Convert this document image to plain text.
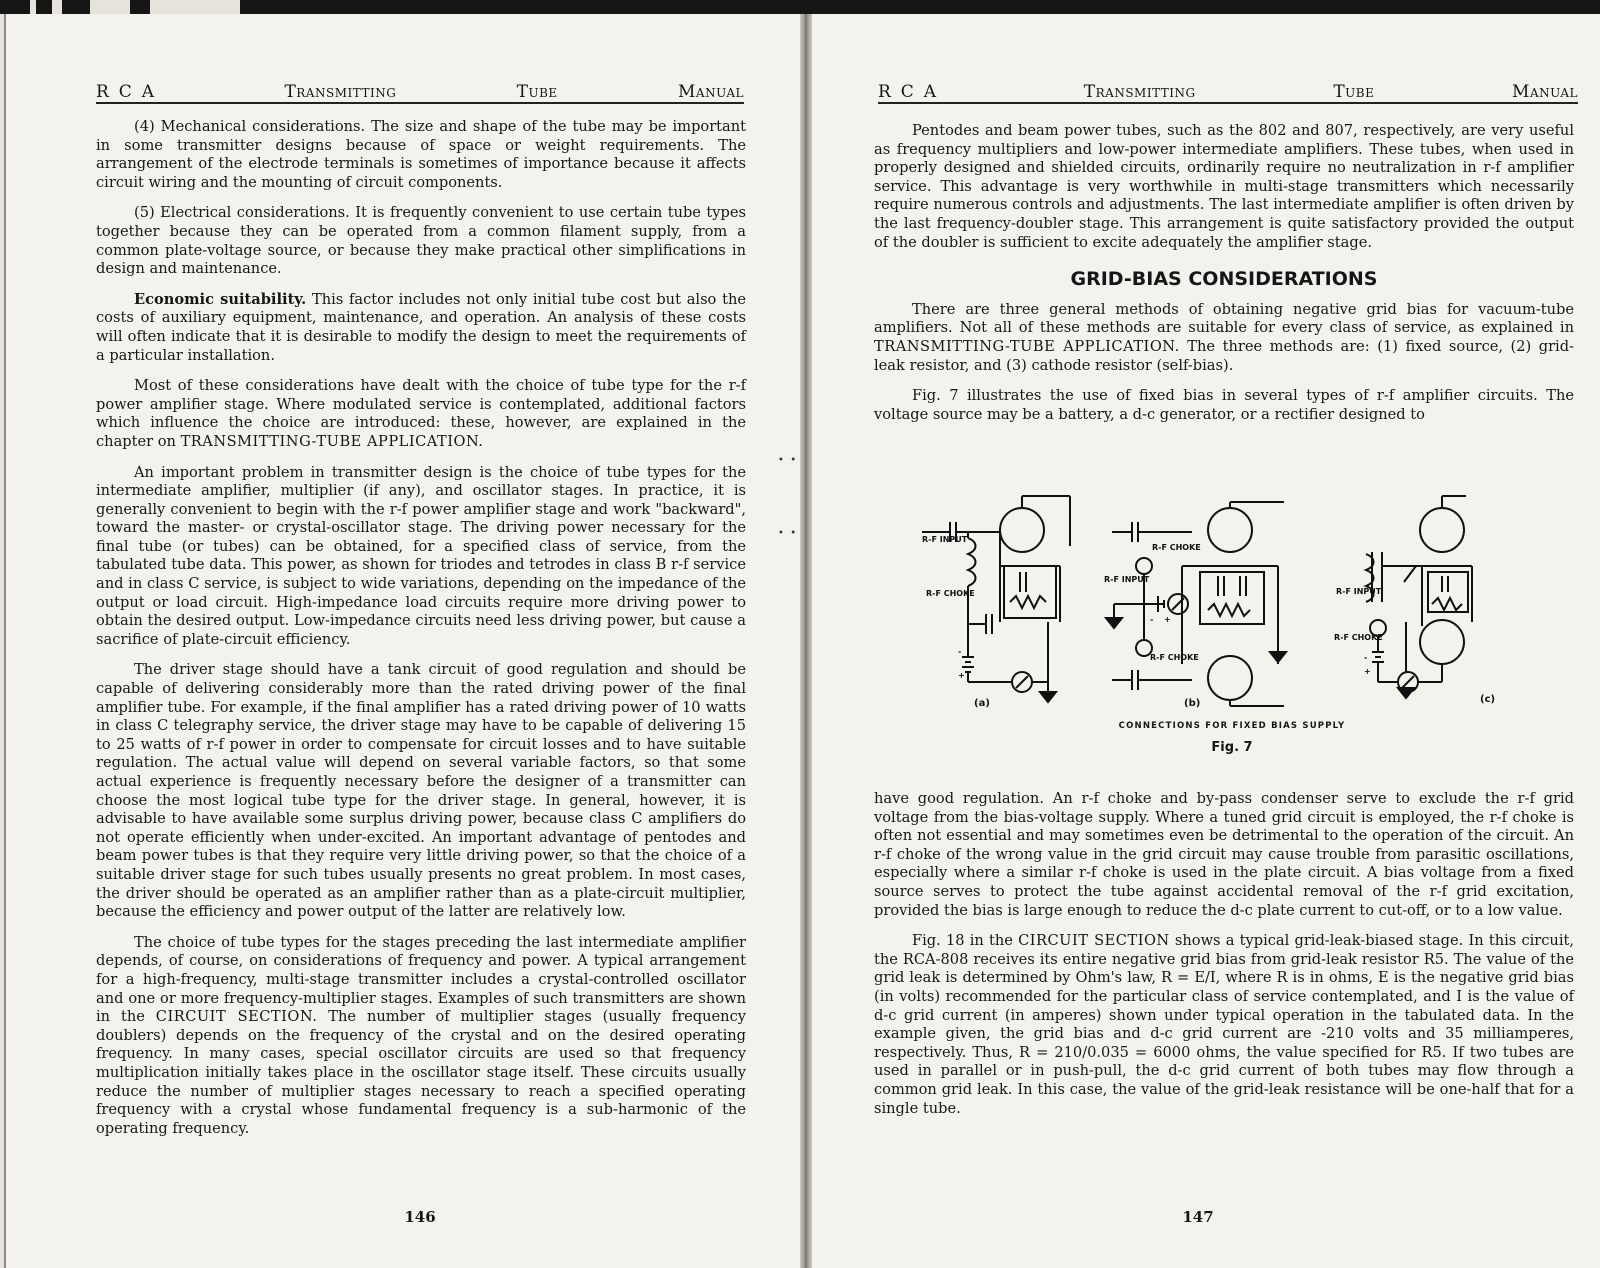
RCA	Transmitting	Tube	Manual

(4) Mechanical considerations. The size and shape of the tube may be important in some transmitter designs because of space or weight requirements. The arrangement of the electrode terminals is sometimes of importance because it affects circuit wiring and the mounting of circuit components.

(5) Electrical considerations. It is frequently convenient to use certain tube types together because they can be operated from a common filament supply, from a common plate-voltage source, or because they make practical other simplifications in design and maintenance.

Economic suitability. This factor includes not only initial tube cost but also the costs of auxiliary equipment, maintenance, and operation. An analysis of these costs will often indicate that it is desirable to modify the design to meet the requirements of a particular installation.

Most of these considerations have dealt with the choice of tube type for the r-f power amplifier stage. Where modulated service is contemplated, additional factors which influence the choice are introduced: these, however, are explained in the chapter on TRANSMITTING-TUBE APPLICATION.

An important problem in transmitter design is the choice of tube types for the intermediate amplifier, multiplier (if any), and oscillator stages. In practice, it is generally convenient to begin with the r-f power amplifier stage and work "backward", toward the master- or crystal-oscillator stage. The driving power necessary for the final tube (or tubes) can be obtained, for a specified class of service, from the tabulated tube data. This power, as shown for triodes and tetrodes in class B r-f service and in class C service, is subject to wide variations, depending on the impedance of the output or load circuit. High-impedance load circuits require more driving power to obtain the desired output. Low-impedance circuits need less driving power, but cause a sacrifice of plate-circuit efficiency.

The driver stage should have a tank circuit of good regulation and should be capable of delivering considerably more than the rated driving power of the final amplifier tube. For example, if the final amplifier has a rated driving power of 10 watts in class C telegraphy service, the driver stage may have to be capable of delivering 15 to 25 watts of r-f power in order to compensate for circuit losses and to have suitable regulation. The actual value will depend on several variable factors, so that some actual experience is frequently necessary before the designer of a transmitter can choose the most logical tube type for the driver stage. In general, however, it is advisable to have available some surplus driving power, because class C amplifiers do not operate efficiently when under-excited. An important advantage of pentodes and beam power tubes is that they require very little driving power, so that the choice of a suitable driver stage for such tubes usually presents no great problem. In most cases, the driver should be operated as an amplifier rather than as a plate-circuit multiplier, because the efficiency and power output of the latter are relatively low.

The choice of tube types for the stages preceding the last intermediate amplifier depends, of course, on considerations of frequency and power. A typical arrangement for a high-frequency, multi-stage transmitter includes a crystal-controlled oscillator and one or more frequency-multiplier stages. Examples of such transmitters are shown in the CIRCUIT SECTION. The number of multiplier stages (usually frequency doublers) depends on the frequency of the crystal and on the desired operating frequency. In many cases, special oscillator circuits are used so that frequency multiplication initially takes place in the oscillator stage itself. These circuits usually reduce the number of multiplier stages necessary to reach a specified operating frequency with a crystal whose fundamental frequency is a sub-harmonic of the operating frequency.

146
•  •
•  •
RCA	Transmitting	Tube	Manual

Pentodes and beam power tubes, such as the 802 and 807, respectively, are very useful as frequency multipliers and low-power intermediate amplifiers. These tubes, when used in properly designed and shielded circuits, ordinarily require no neutralization in r-f amplifier service. This advantage is very worthwhile in multi-stage transmitters which necessarily require numerous controls and adjustments. The last intermediate amplifier is often driven by the last frequency-doubler stage. This arrangement is quite satisfactory provided the output of the doubler is sufficient to excite adequately the amplifier stage.

GRID-BIAS CONSIDERATIONS

There are three general methods of obtaining negative grid bias for vacuum-tube amplifiers. Not all of these methods are suitable for every class of service, as explained in TRANSMITTING-TUBE APPLICATION. The three methods are: (1) fixed source, (2) grid-leak resistor, and (3) cathode resistor (self-bias).

Fig. 7 illustrates the use of fixed bias in several types of r-f amplifier circuits. The voltage source may be a battery, a d-c generator, or a rectifier designed to

R-F INPUT
R-F CHOKE
-
+
(a)
R-F CHOKE
R-F INPUT
R-F CHOKE
- +
(b)
R-F INPUT
R-F CHOKE
-
+
(c)
CONNECTIONS FOR FIXED BIAS SUPPLY
Fig. 7

have good regulation. An r-f choke and by-pass condenser serve to exclude the r-f grid voltage from the bias-voltage supply. Where a tuned grid circuit is employed, the r-f choke is often not essential and may sometimes even be detrimental to the operation of the circuit. An r-f choke of the wrong value in the grid circuit may cause trouble from parasitic oscillations, especially where a similar r-f choke is used in the plate circuit. A bias voltage from a fixed source serves to protect the tube against accidental removal of the r-f grid excitation, provided the bias is large enough to reduce the d-c plate current to cut-off, or to a low value.

Fig. 18 in the CIRCUIT SECTION shows a typical grid-leak-biased stage. In this circuit, the RCA-808 receives its entire negative grid bias from grid-leak resistor R5. The value of the grid leak is determined by Ohm's law, R = E/I, where R is in ohms, E is the negative grid bias (in volts) recommended for the particular class of service contemplated, and I is the value of d-c grid current (in amperes) shown under typical operation in the tabulated data. In the example given, the grid bias and d-c grid current are -210 volts and 35 milliamperes, respectively. Thus, R = 210/0.035 = 6000 ohms, the value specified for R5. If two tubes are used in parallel or in push-pull, the d-c grid current of both tubes may flow through a common grid leak. In this case, the value of the grid-leak resistance will be one-half that for a single tube.

147
